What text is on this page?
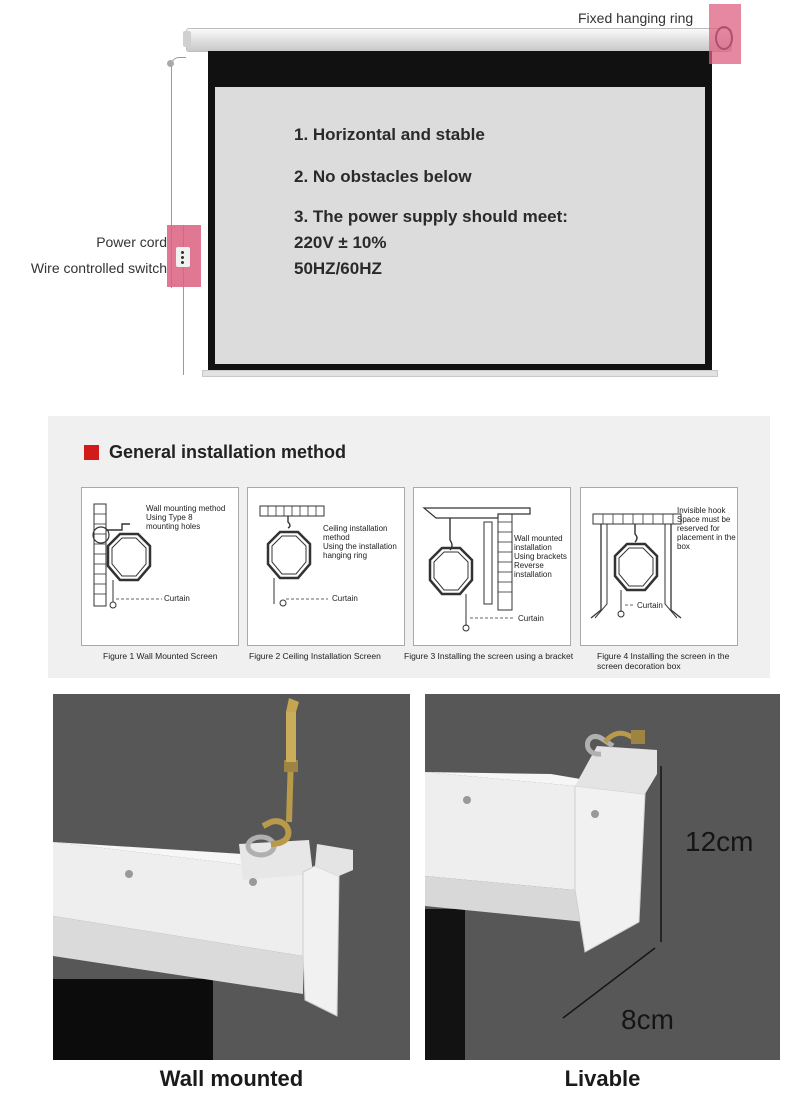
Fixed hanging ring
Power cord
Wire controlled switch
1. Horizontal and stable
2. No obstacles below
3. The power supply should meet:
220V ± 10%
50HZ/60HZ
General installation method
Wall mounting method
Using Type 8
mounting holes
Curtain
Ceiling installation
method
Using the installation
hanging ring
Curtain
Wall mounted
installation
Using brackets
Reverse
installation
Curtain
Invisible hook
Space must be
reserved for
placement in the
box
Curtain
Figure 1 Wall Mounted Screen	Figure 2 Ceiling Installation Screen	Figure 3 Installing the screen using a bracket	Figure 4 Installing the screen in the screen decoration box
12cm
8cm
Wall mounted	Livable
